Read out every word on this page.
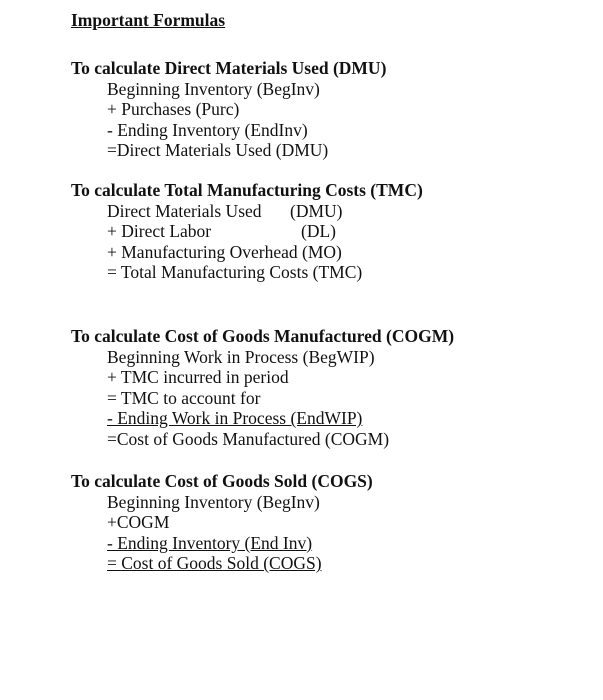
Important Formulas
To calculate Direct Materials Used (DMU)
Beginning Inventory (BegInv)
+ Purchases (Purc)
- Ending Inventory (EndInv)
=Direct Materials Used (DMU)
To calculate Total Manufacturing Costs (TMC)
Direct Materials Used (DMU)
+ Direct Labor	(DL)
+ Manufacturing Overhead (MO)
= Total Manufacturing Costs (TMC)
To calculate Cost of Goods Manufactured (COGM)
Beginning Work in Process (BegWIP)
+ TMC incurred in period
= TMC to account for
- Ending Work in Process (EndWIP)
=Cost of Goods Manufactured (COGM)
To calculate Cost of Goods Sold (COGS)
Beginning Inventory (BegInv)
+COGM
- Ending Inventory (End Inv)
= Cost of Goods Sold (COGS)
